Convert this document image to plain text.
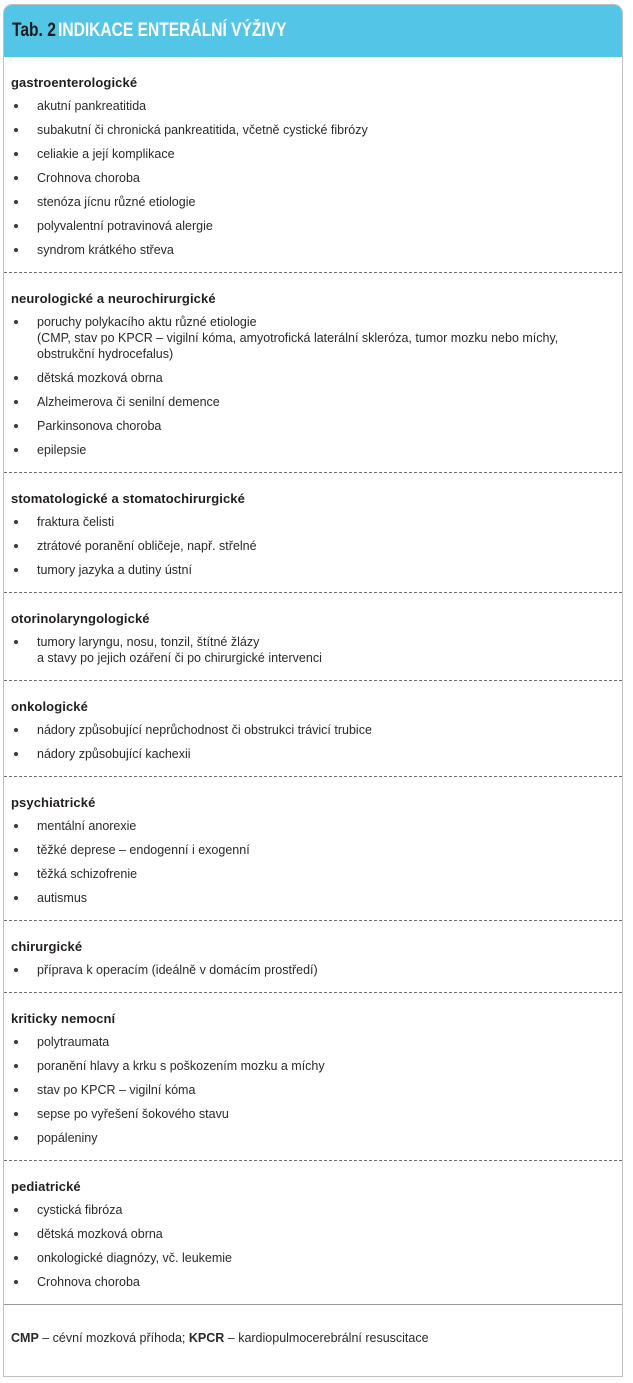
Tab. 2 INDIKACE ENTERÁLNÍ VÝŽIVY
gastroenterologické
akutní pankreatitida
subakutní či chronická pankreatitida, včetně cystické fibrózy
celiakie a její komplikace
Crohnova choroba
stenóza jícnu různé etiologie
polyvalentní potravinová alergie
syndrom krátkého střeva
neurologické a neurochirurgické
poruchy polykacího aktu různé etiologie
(CMP, stav po KPCR – vigilní kóma, amyotrofická laterální skleróza, tumor mozku nebo míchy, obstrukční hydrocefalus)
dětská mozková obrna
Alzheimerova či senilní demence
Parkinsonova choroba
epilepsie
stomatologické a stomatochirurgické
fraktura čelisti
ztrátové poranění obličeje, např. střelné
tumory jazyka a dutiny ústní
otorinolaryngologické
tumory laryngu, nosu, tonzil, štítné žlázy
a stavy po jejich ozáření či po chirurgické intervenci
onkologické
nádory způsobující neprůchodnost či obstrukci trávicí trubice
nádory způsobující kachexii
psychiatrické
mentální anorexie
těžké deprese – endogenní i exogenní
těžká schizofrenie
autismus
chirurgické
příprava k operacím (ideálně v domácím prostředí)
kriticky nemocní
polytraumata
poranění hlavy a krku s poškozením mozku a míchy
stav po KPCR – vigilní kóma
sepse po vyřešení šokového stavu
popáleniny
pediatrické
cystická fibróza
dětská mozková obrna
onkologické diagnózy, vč. leukemie
Crohnova choroba
CMP – cévní mozková příhoda; KPCR – kardiopulmocerebrální resuscitace
